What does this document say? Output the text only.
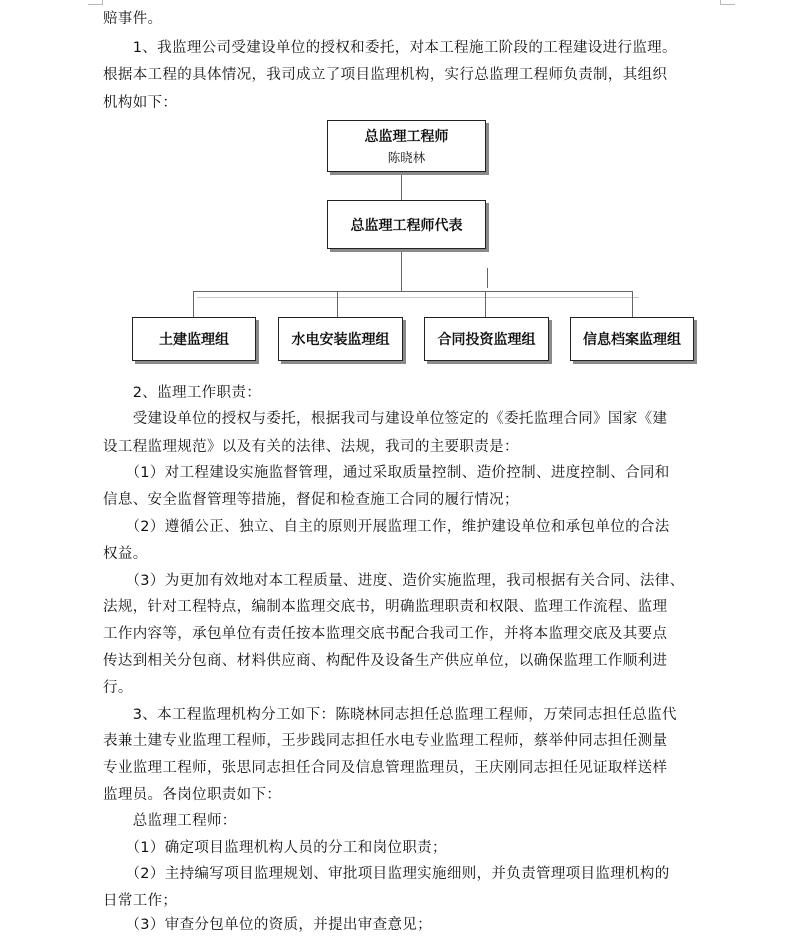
赔事件。
　　1、我监理公司受建设单位的授权和委托，对本工程施工阶段的工程建设进行监理。
根据本工程的具体情况，我司成立了项目监理机构，实行总监理工程师负责制，其组织
机构如下：
总监理工程师
陈晓林
总监理工程师代表
土建监理组	水电安装监理组	合同投资监理组	信息档案监理组
　　2、监理工作职责：
　　受建设单位的授权与委托，根据我司与建设单位签定的《委托监理合同》国家《建
设工程监理规范》以及有关的法律、法规，我司的主要职责是：
　　（1）对工程建设实施监督管理，通过采取质量控制、造价控制、进度控制、合同和
信息、安全监督管理等措施，督促和检查施工合同的履行情况；
　　（2）遵循公正、独立、自主的原则开展监理工作，维护建设单位和承包单位的合法
权益。
　　（3）为更加有效地对本工程质量、进度、造价实施监理，我司根据有关合同、法律、
法规，针对工程特点，编制本监理交底书，明确监理职责和权限、监理工作流程、监理
工作内容等，承包单位有责任按本监理交底书配合我司工作，并将本监理交底及其要点
传达到相关分包商、材料供应商、构配件及设备生产供应单位，以确保监理工作顺利进
行。
　　3、本工程监理机构分工如下：陈晓林同志担任总监理工程师，万荣同志担任总监代
表兼土建专业监理工程师，王步践同志担任水电专业监理工程师，蔡举仲同志担任测量
专业监理工程师，张思同志担任合同及信息管理监理员，王庆刚同志担任见证取样送样
监理员。各岗位职责如下：
　　总监理工程师：
　　（1）确定项目监理机构人员的分工和岗位职责；
　　（2）主持编写项目监理规划、审批项目监理实施细则，并负责管理项目监理机构的
日常工作；
　　（3）审查分包单位的资质，并提出审查意见；
